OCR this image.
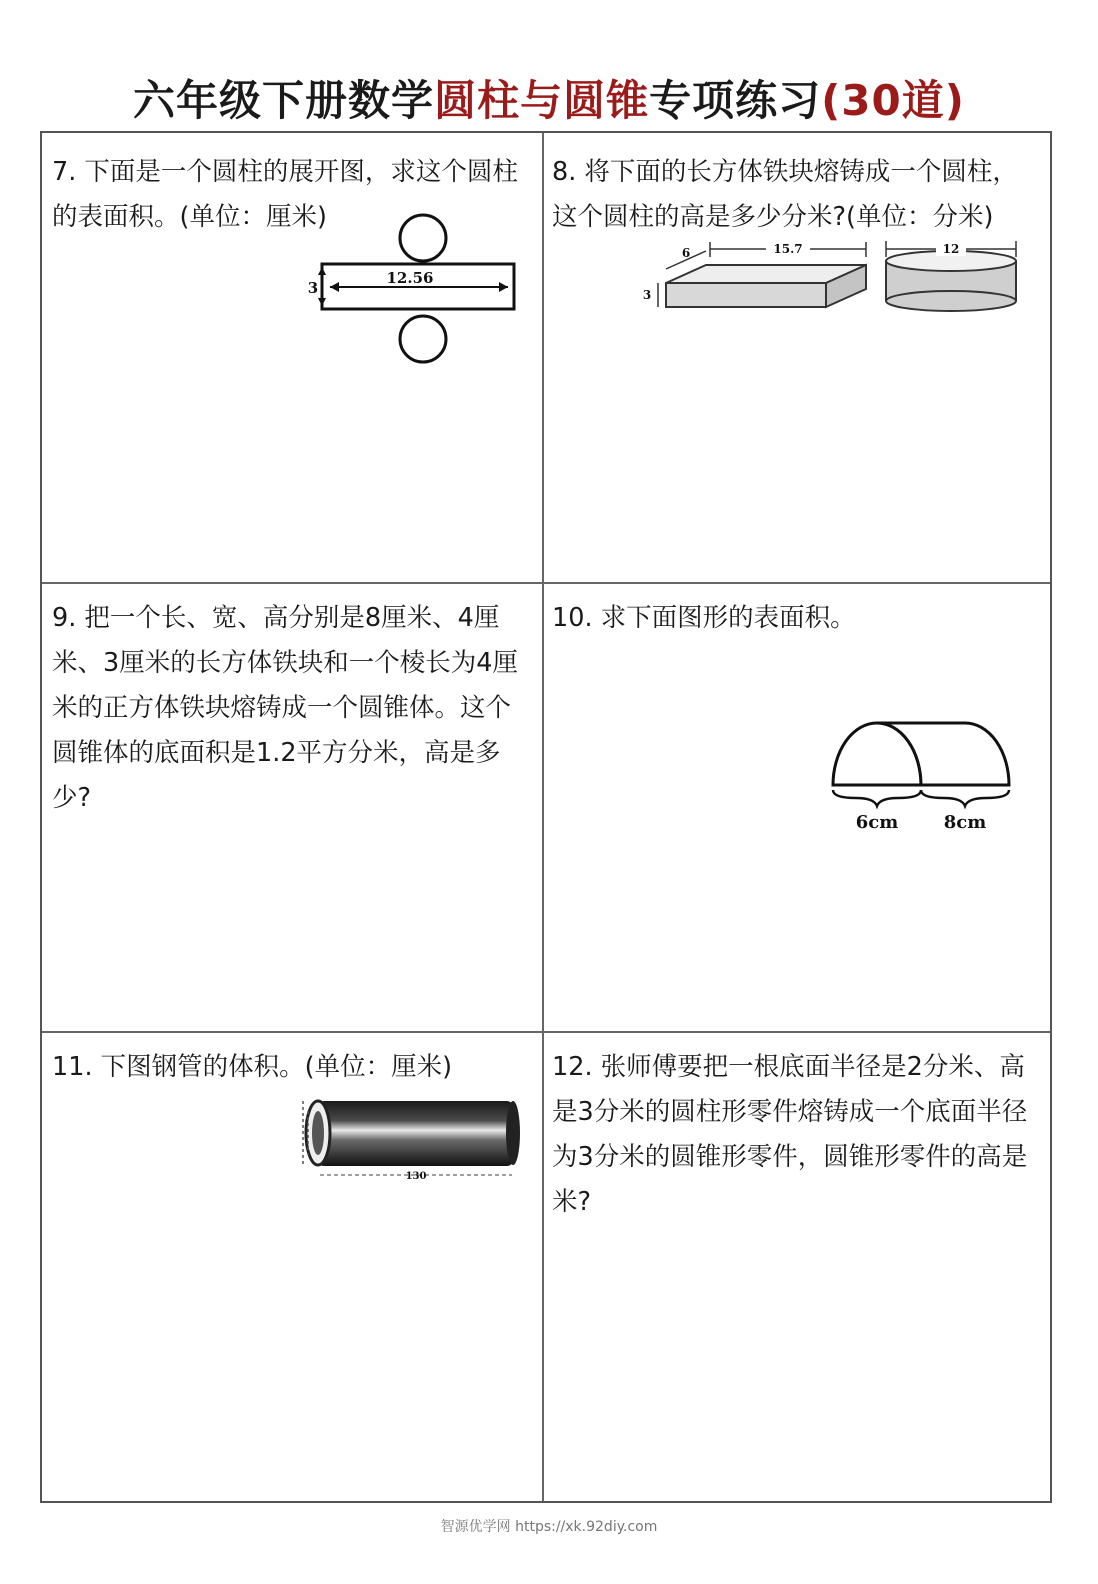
六年级下册数学圆柱与圆锥专项练习(30道)
7. 下面是一个圆柱的展开图，求这个圆柱的表面积。(单位：厘米)
12.56
3
8. 将下面的长方体铁块熔铸成一个圆柱，这个圆柱的高是多少分米?(单位：分米)
3
6	15.7	12
9. 把一个长、宽、高分别是8厘米、4厘米、3厘米的长方体铁块和一个棱长为4厘米的正方体铁块熔铸成一个圆锥体。这个圆锥体的底面积是1.2平方分米，高是多少?
10. 求下面图形的表面积。
6cm	8cm
11. 下图钢管的体积。(单位：厘米)
130
12. 张师傅要把一根底面半径是2分米、高是3分米的圆柱形零件熔铸成一个底面半径为3分米的圆锥形零件，圆锥形零件的高是米?
智源优学网 https://xk.92diy.com
